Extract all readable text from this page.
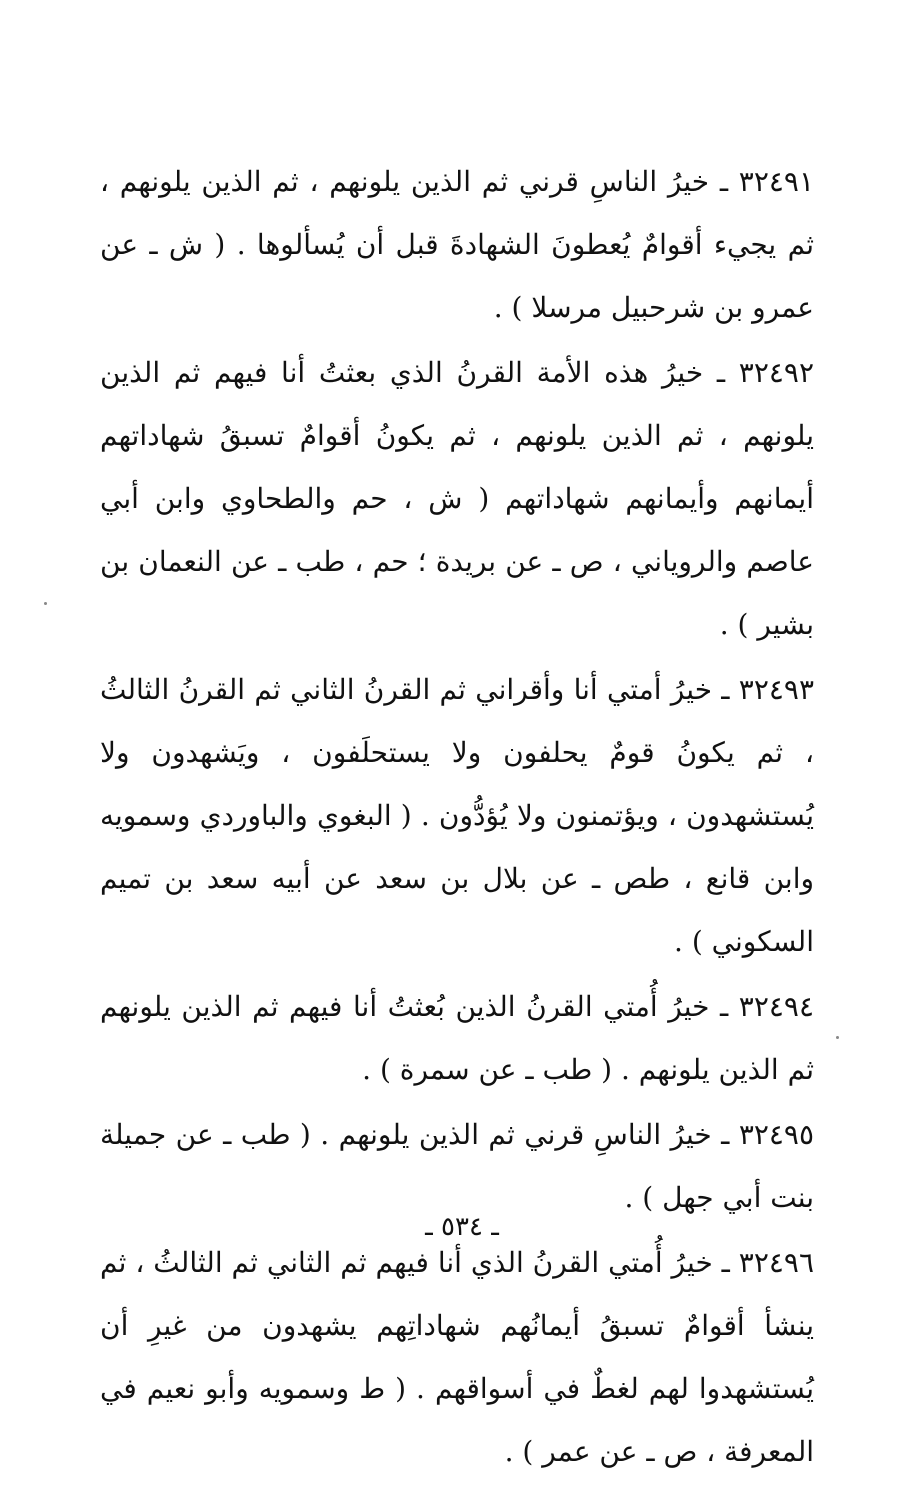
٣٢٤٩١ ـ خيرُ الناسِ قرني ثم الذين يلونهم ، ثم الذين يلونهم ، ثم يجيء أقوامٌ يُعطونَ الشهادةَ قبل أن يُسألوها . ( ش ـ عن عمرو بن شرحبيل مرسلا ) .

٣٢٤٩٢ ـ خيرُ هذه الأمة القرنُ الذي بعثتُ أنا فيهم ثم الذين يلونهم ، ثم الذين يلونهم ، ثم يكونُ أقوامٌ تسبقُ شهاداتهم أيمانهم وأيمانهم شهاداتهم ( ش ، حم والطحاوي وابن أبي عاصم والروياني ، ص ـ عن بريدة ؛ حم ، طب ـ عن النعمان بن بشير ) .

٣٢٤٩٣ ـ خيرُ أمتي أنا وأقراني ثم القرنُ الثاني ثم القرنُ الثالثُ ، ثم يكونُ قومٌ يحلفون ولا يستحلَفون ، ويَشهدون ولا يُستشهدون ، ويؤتمنون ولا يُؤدُّون . ( البغوي والباوردي وسمويه وابن قانع ، طص ـ عن بلال بن سعد عن أبيه سعد بن تميم السكوني ) .

٣٢٤٩٤ ـ خيرُ أُمتي القرنُ الذين بُعثتُ أنا فيهم ثم الذين يلونهم ثم الذين يلونهم . ( طب ـ عن سمرة ) .

٣٢٤٩٥ ـ خيرُ الناسِ قرني ثم الذين يلونهم . ( طب ـ عن جميلة بنت أبي جهل ) .

٣٢٤٩٦ ـ خيرُ أُمتي القرنُ الذي أنا فيهم ثم الثاني ثم الثالثُ ، ثم ينشأ أقوامٌ تسبقُ أيمانُهم شهاداتِهم يشهدون من غيرِ أن يُستشهدوا لهم لغطٌ في أسواقهم . ( ط وسمويه وأبو نعيم في المعرفة ، ص ـ عن عمر ) .

ـ ٥٣٤ ـ
